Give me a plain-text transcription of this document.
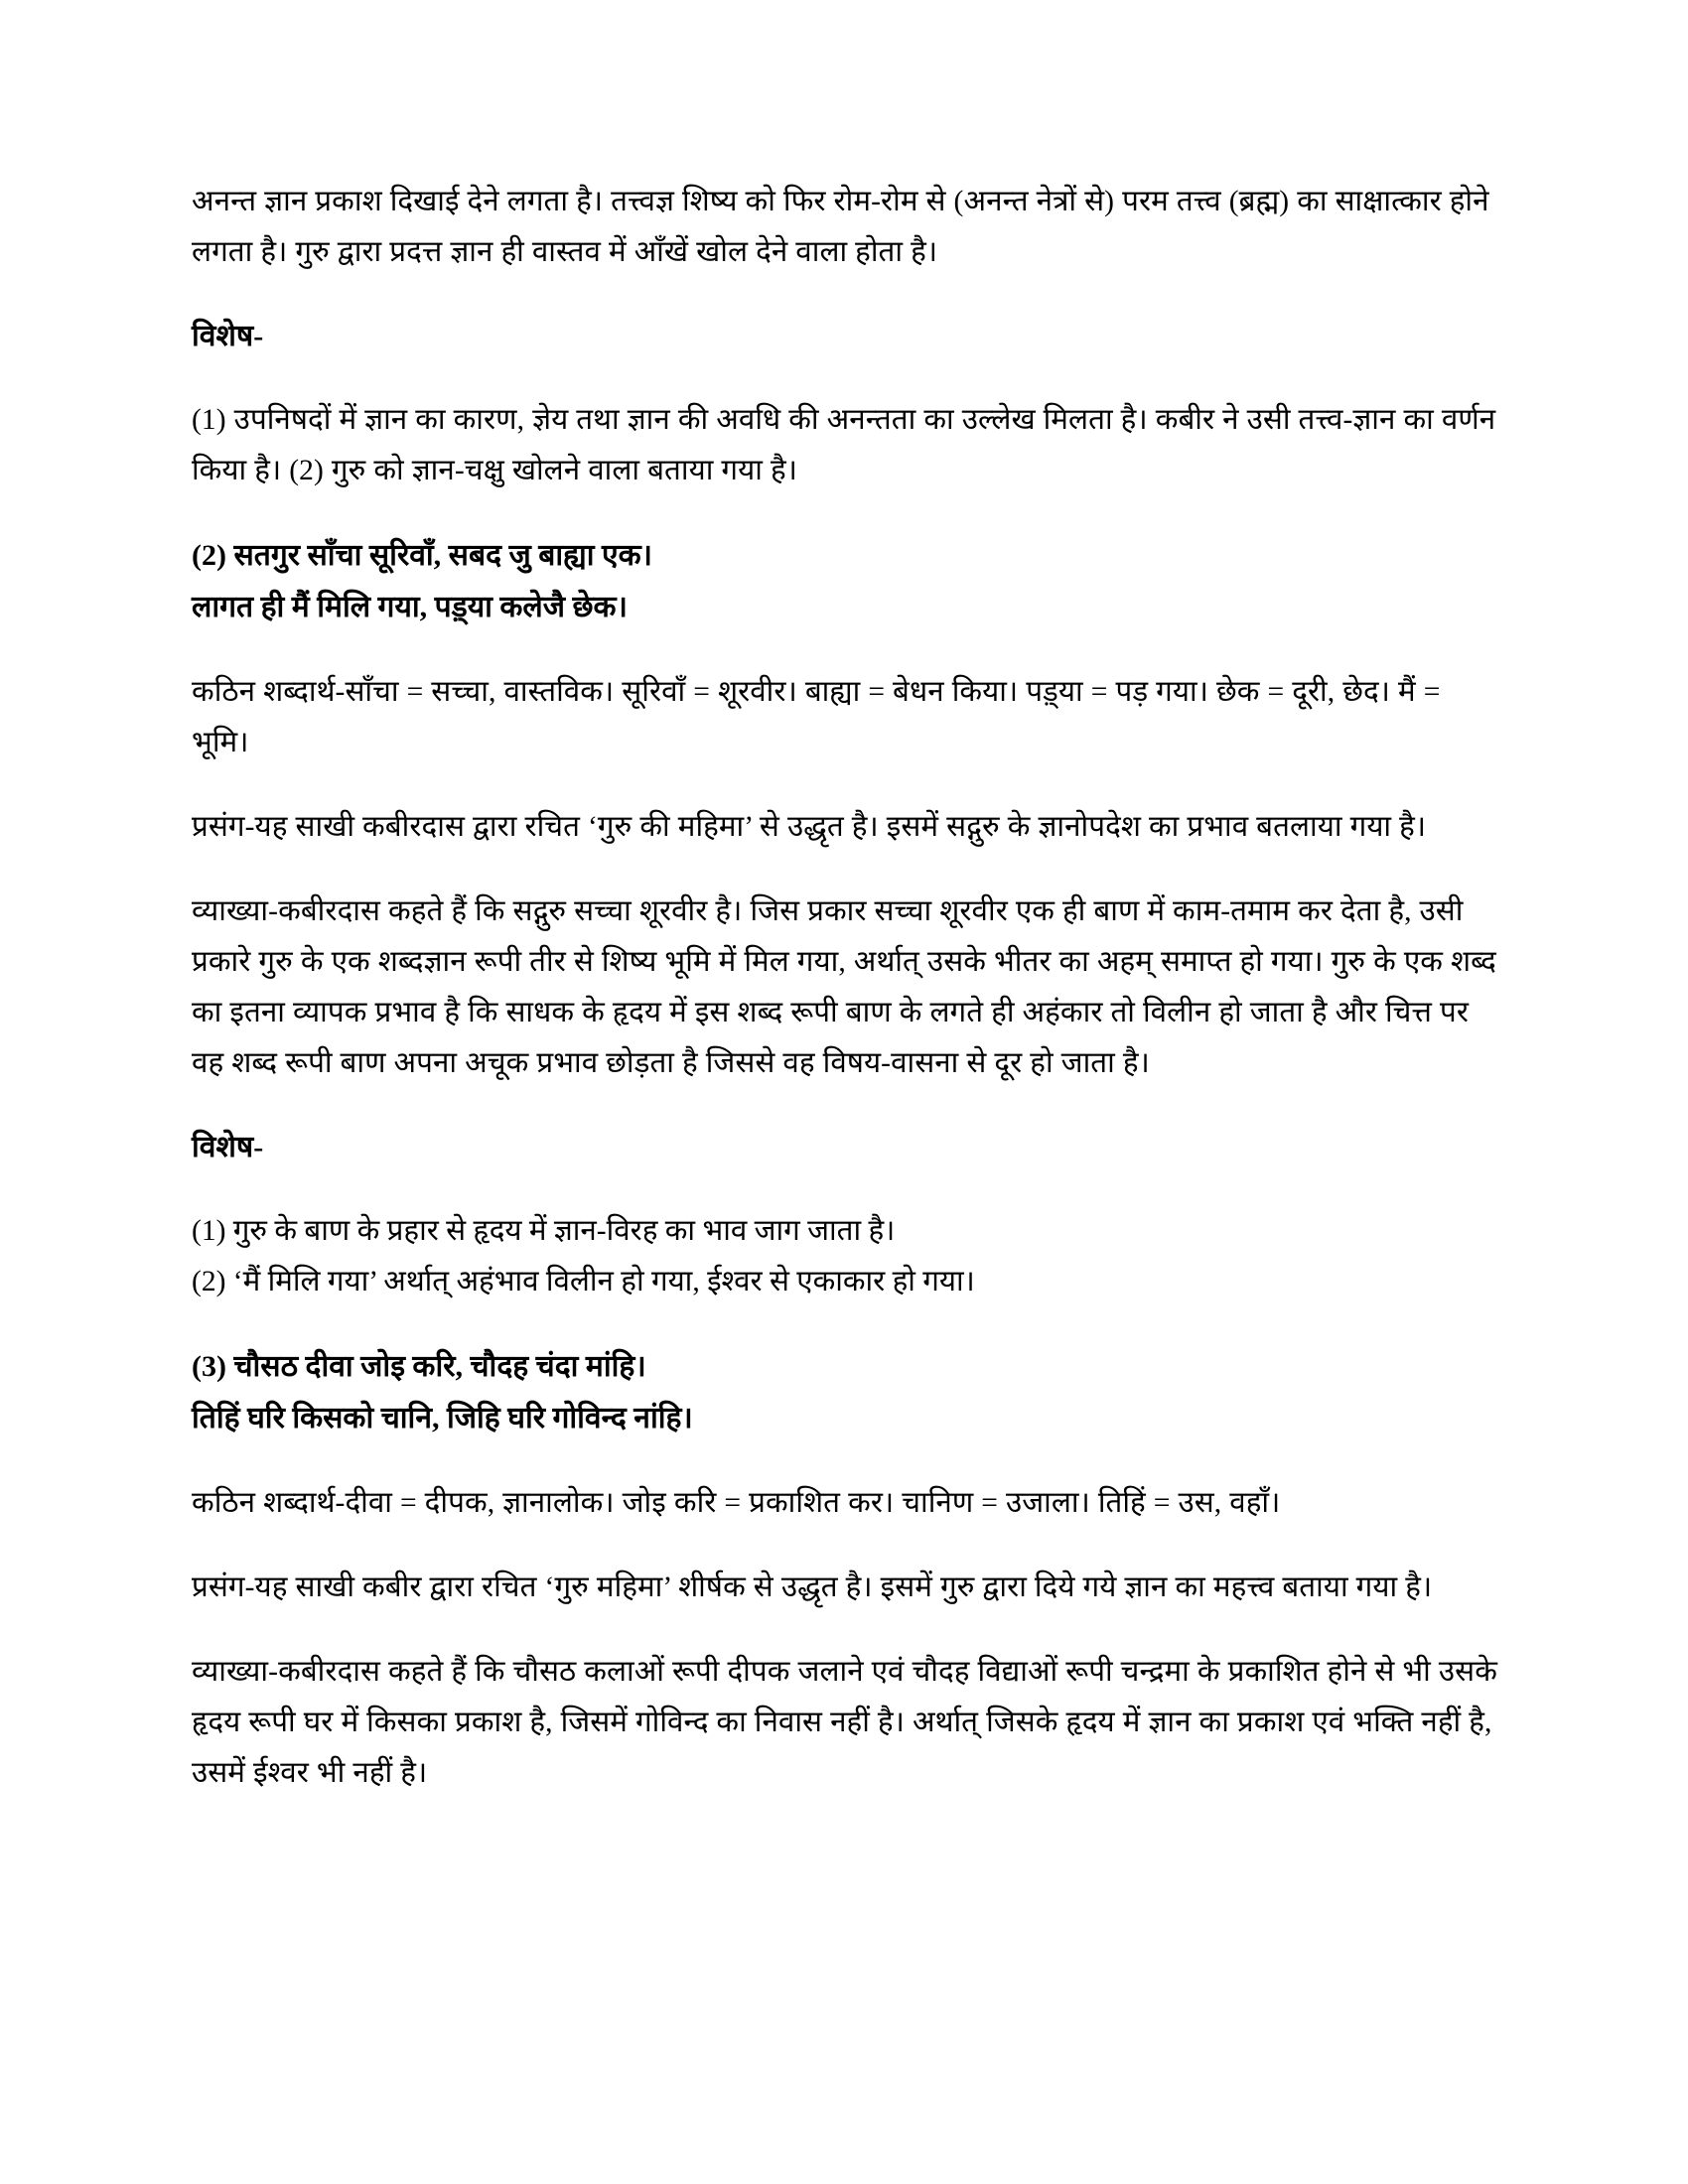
अनन्त ज्ञान प्रकाश दिखाई देने लगता है। तत्त्वज्ञ शिष्य को फिर रोम-रोम से (अनन्त नेत्रों से) परम तत्त्व (ब्रह्म) का साक्षात्कार होने लगता है। गुरु द्वारा प्रदत्त ज्ञान ही वास्तव में आँखें खोल देने वाला होता है।

विशेष-

(1) उपनिषदों में ज्ञान का कारण, ज्ञेय तथा ज्ञान की अवधि की अनन्तता का उल्लेख मिलता है। कबीर ने उसी तत्त्व-ज्ञान का वर्णन किया है। (2) गुरु को ज्ञान-चक्षु खोलने वाला बताया गया है।

(2) सतगुर साँचा सूरिवाँ, सबद जु बाह्या एक।
लागत ही मैं मिलि गया, पड़्या कलेजै छेक।

कठिन शब्दार्थ-साँचा = सच्चा, वास्तविक। सूरिवाँ = शूरवीर। बाह्या = बेधन किया। पड़्या = पड़ गया। छेक = दूरी, छेद। मैं = भूमि।

प्रसंग-यह साखी कबीरदास द्वारा रचित ‘गुरु की महिमा’ से उद्धृत है। इसमें सद्गुरु के ज्ञानोपदेश का प्रभाव बतलाया गया है।

व्याख्या-कबीरदास कहते हैं कि सद्गुरु सच्चा शूरवीर है। जिस प्रकार सच्चा शूरवीर एक ही बाण में काम-तमाम कर देता है, उसी प्रकारे गुरु के एक शब्दज्ञान रूपी तीर से शिष्य भूमि में मिल गया, अर्थात् उसके भीतर का अहम् समाप्त हो गया। गुरु के एक शब्द का इतना व्यापक प्रभाव है कि साधक के हृदय में इस शब्द रूपी बाण के लगते ही अहंकार तो विलीन हो जाता है और चित्त पर वह शब्द रूपी बाण अपना अचूक प्रभाव छोड़ता है जिससे वह विषय-वासना से दूर हो जाता है।

विशेष-

(1) गुरु के बाण के प्रहार से हृदय में ज्ञान-विरह का भाव जाग जाता है।
(2) ‘मैं मिलि गया’ अर्थात् अहंभाव विलीन हो गया, ईश्वर से एकाकार हो गया।
(3) चौसठ दीवा जोइ करि, चौदह चंदा मांहि।
तिहिं घरि किसको चानि, जिहि घरि गोविन्द नांहि।

कठिन शब्दार्थ-दीवा = दीपक, ज्ञानालोक। जोइ करि = प्रकाशित कर। चानिण = उजाला। तिहिं = उस, वहाँ।

प्रसंग-यह साखी कबीर द्वारा रचित ‘गुरु महिमा’ शीर्षक से उद्धृत है। इसमें गुरु द्वारा दिये गये ज्ञान का महत्त्व बताया गया है।

व्याख्या-कबीरदास कहते हैं कि चौसठ कलाओं रूपी दीपक जलाने एवं चौदह विद्याओं रूपी चन्द्रमा के प्रकाशित होने से भी उसके हृदय रूपी घर में किसका प्रकाश है, जिसमें गोविन्द का निवास नहीं है। अर्थात् जिसके हृदय में ज्ञान का प्रकाश एवं भक्ति नहीं है, उसमें ईश्वर भी नहीं है।
